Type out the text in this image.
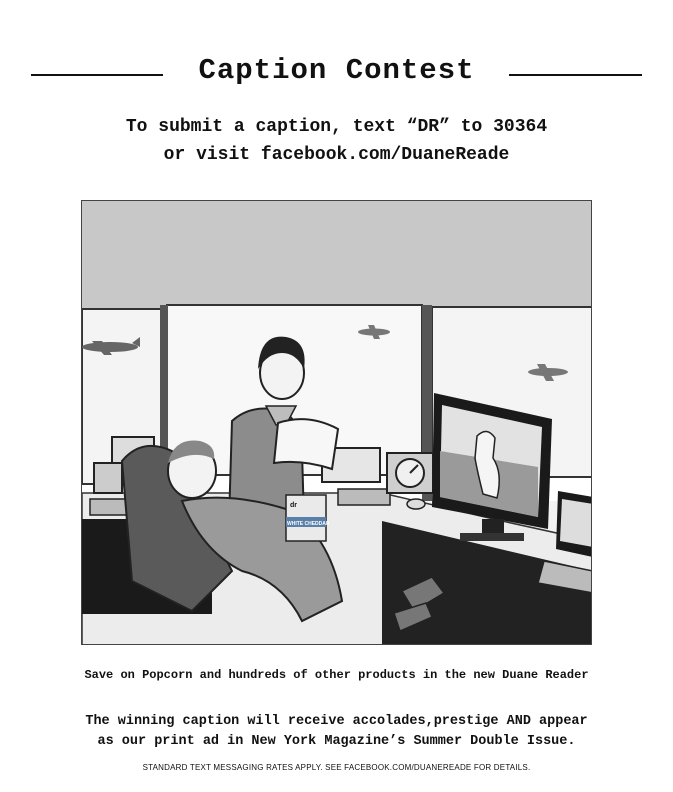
Caption Contest
To submit a caption, text “DR” to 30364
or visit facebook.com/DuaneReade
dr
WHITE CHEDDAR
Save on Popcorn and hundreds of other products in the new Duane Reader
The winning caption will receive accolades,prestige AND appear
as our print ad in New York Magazine’s Summer Double Issue.
STANDARD TEXT MESSAGING RATES APPLY. SEE FACEBOOK.COM/DUANEREADE FOR DETAILS.
